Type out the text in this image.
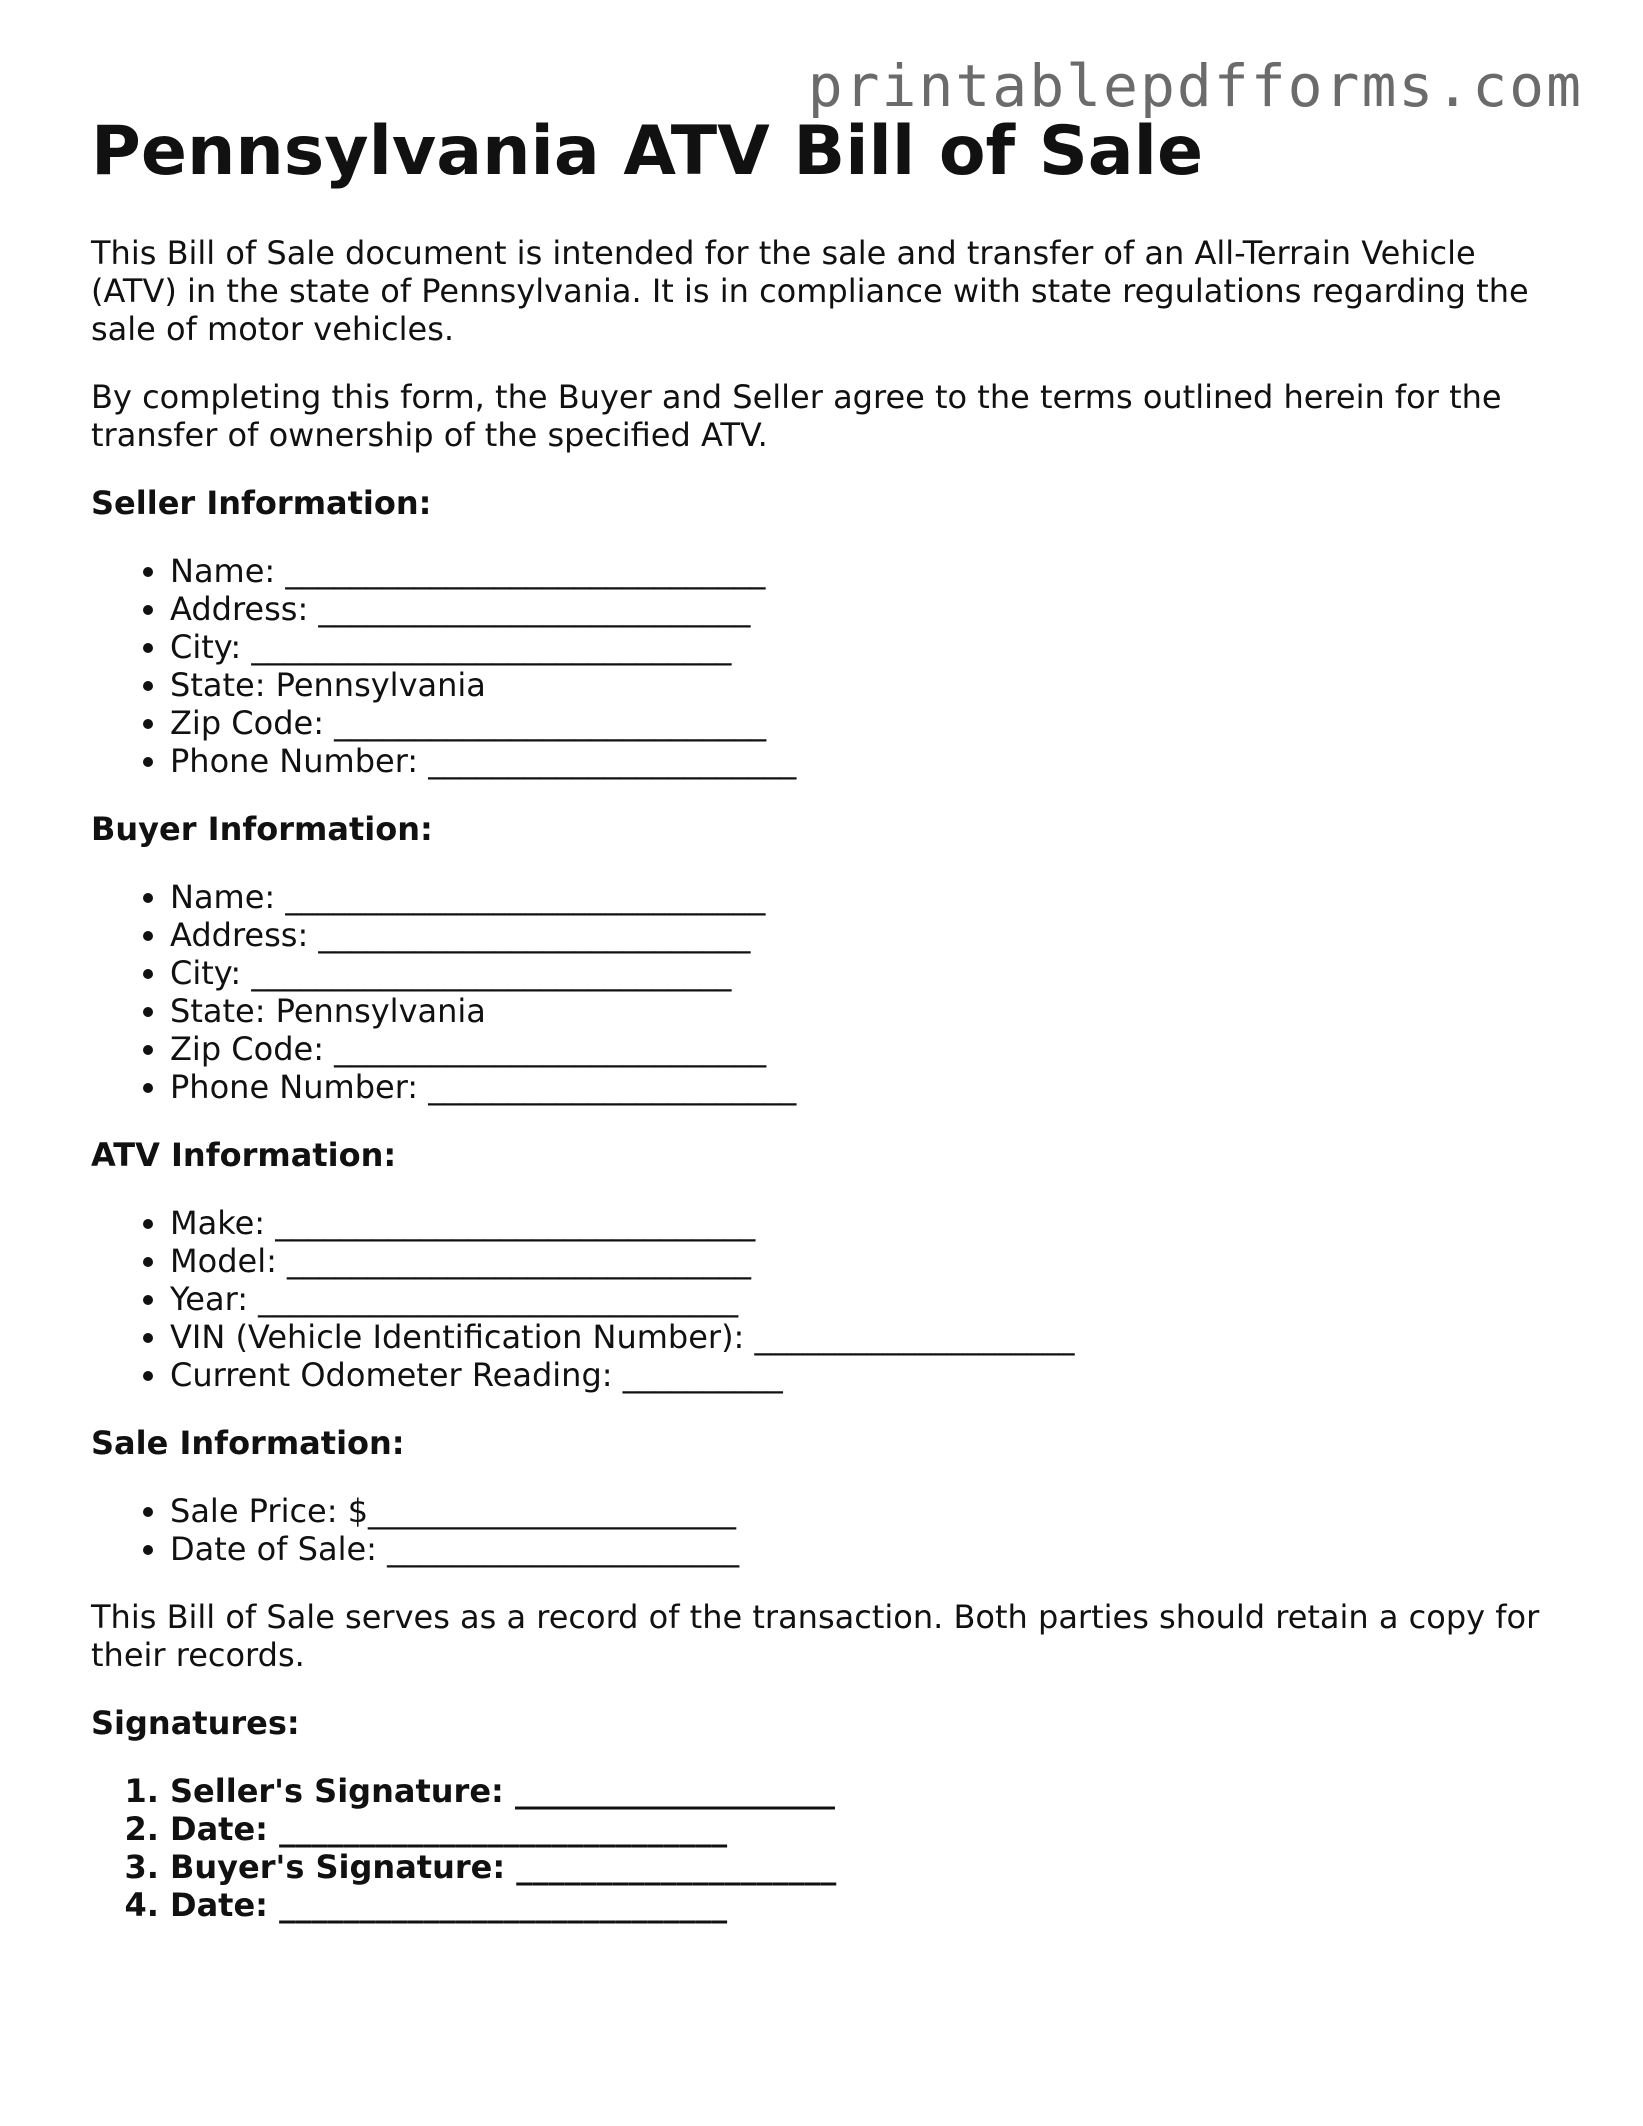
printablepdfforms.com
Pennsylvania ATV Bill of Sale

This Bill of Sale document is intended for the sale and transfer of an All-Terrain Vehicle (ATV) in the state of Pennsylvania. It is in compliance with state regulations regarding the sale of motor vehicles.

By completing this form, the Buyer and Seller agree to the terms outlined herein for the transfer of ownership of the specified ATV.

Seller Information:
• Name: ______________________________
• Address: ___________________________
• City: ______________________________
• State: Pennsylvania
• Zip Code: ___________________________
• Phone Number: _______________________
Buyer Information:
• Name: ______________________________
• Address: ___________________________
• City: ______________________________
• State: Pennsylvania
• Zip Code: ___________________________
• Phone Number: _______________________
ATV Information:
• Make: ______________________________
• Model: _____________________________
• Year: ______________________________
• VIN (Vehicle Identification Number): ____________________
• Current Odometer Reading: __________
Sale Information:
• Sale Price: $_______________________
• Date of Sale: ______________________

This Bill of Sale serves as a record of the transaction. Both parties should retain a copy for their records.

Signatures:
1. Seller's Signature: ____________________
2. Date: ____________________________
3. Buyer's Signature: ____________________
4. Date: ____________________________
